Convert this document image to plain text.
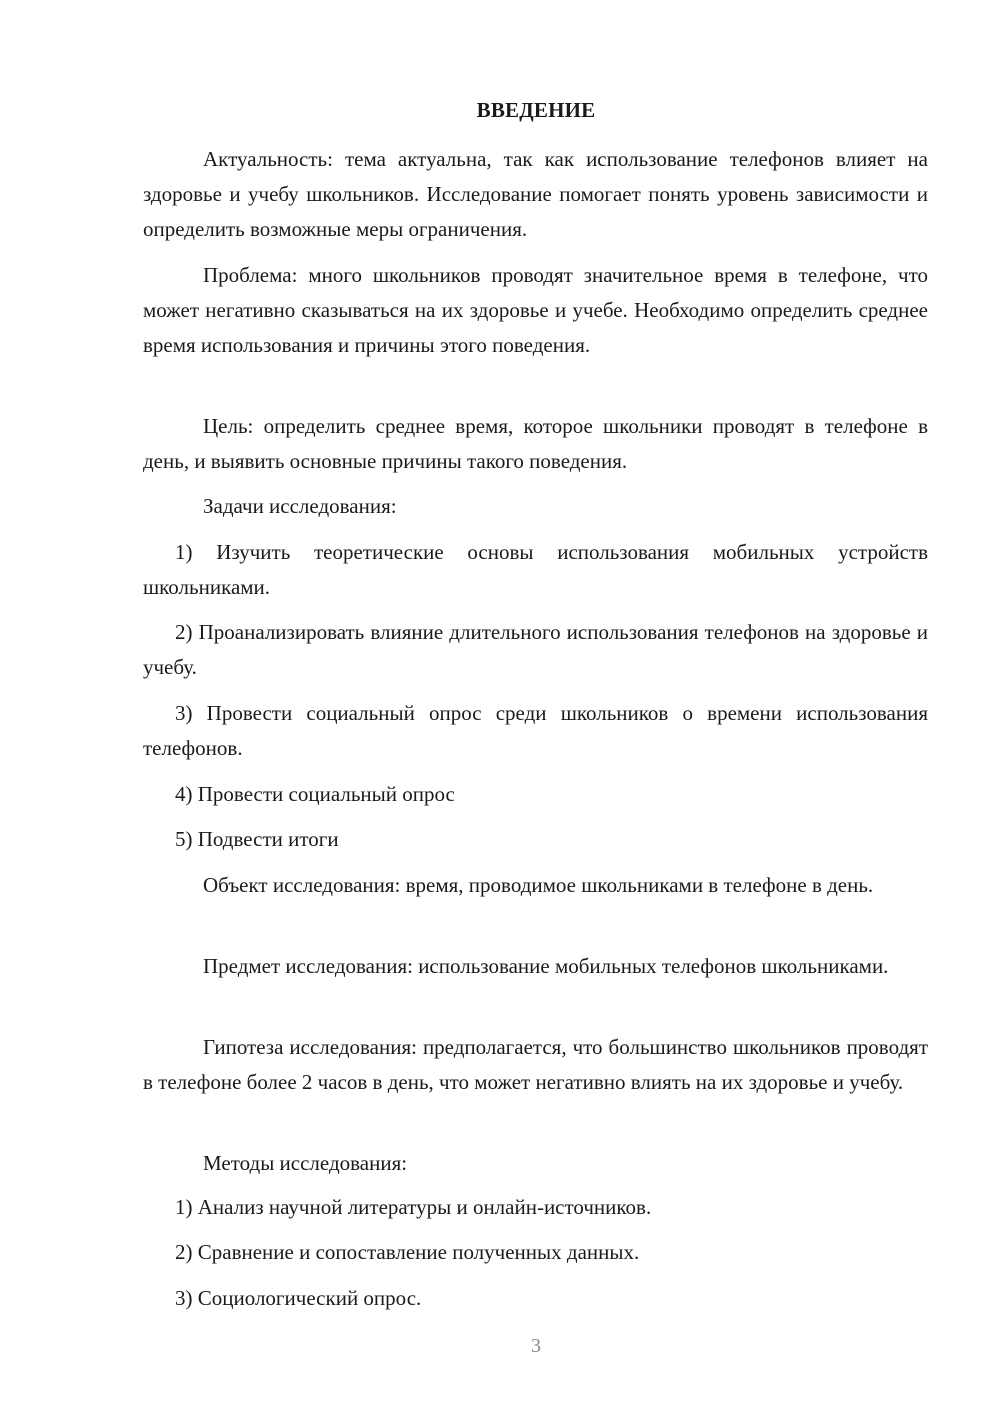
ВВЕДЕНИЕ

Актуальность: тема актуальна, так как использование телефонов влияет на здоровье и учебу школьников. Исследование помогает понять уровень зависимости и определить возможные меры ограничения.

Проблема: много школьников проводят значительное время в телефоне, что может негативно сказываться на их здоровье и учебе. Необходимо определить среднее время использования и причины этого поведения.

Цель: определить среднее время, которое школьники проводят в телефоне в день, и выявить основные причины такого поведения.

Задачи исследования:

1) Изучить теоретические основы использования мобильных устройств школьниками.

2) Проанализировать влияние длительного использования телефонов на здоровье и учебу.

3) Провести социальный опрос среди школьников о времени использования телефонов.

4) Провести социальный опрос

5) Подвести итоги

Объект исследования: время, проводимое школьниками в телефоне в день.

Предмет исследования: использование мобильных телефонов школьниками.

Гипотеза исследования: предполагается, что большинство школьников проводят в телефоне более 2 часов в день, что может негативно влиять на их здоровье и учебу.

Методы исследования:

1) Анализ научной литературы и онлайн-источников.

2) Сравнение и сопоставление полученных данных.

3) Социологический опрос.

3
